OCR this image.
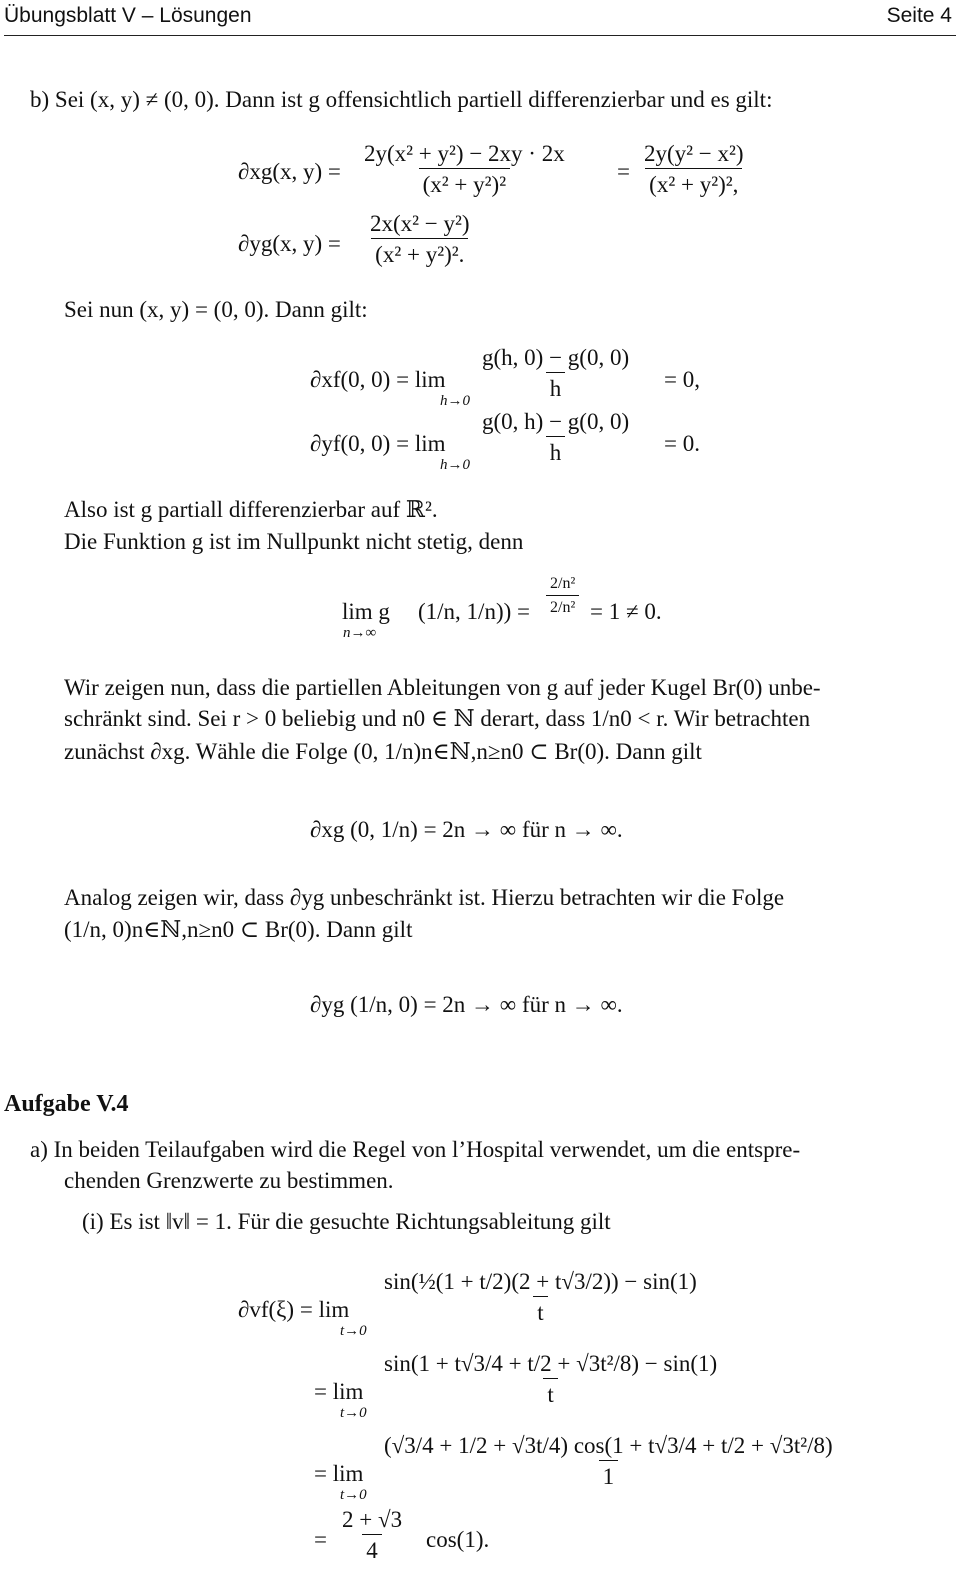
Übungsblatt V – Lösungen	Seite 4
b) Sei (x, y) ≠ (0, 0). Dann ist g offensichtlich partiell differenzierbar und es gilt:
∂xg(x, $y) = \frac{\text{2y(x² + y²) − 2xy · 2x}}{\text{(x² + y²)²}} = \frac{\text{2y(y² − x²)}}{\text{(x² + y²)²,}}$
∂yg(x, $y) = \frac{\text{2x(x² − y²)}}{\text{(x² + y²)².}}$
Sei nun (x, y) = (0, 0). Dann gilt:
∂xf(0, 0) = lim
h→0
$\frac{g(h, 0) - g(0, 0)}{h} = 0$,
∂yf(0, 0) = lim
h→0
$\frac{g(0, h) - g(0, 0)}{h} = 0$.
Also ist g partiall differenzierbar auf ℝ².
Die Funktion g ist im Nullpunkt nicht stetig, denn
lim g
n→∞
(1/n, $1/n)) = \frac{\text{2/n²}}{\text{2/n²}} = 1 \ne 0$.
Wir zeigen nun, dass die partiellen Ableitungen von g auf jeder Kugel Br(0) unbe-
schränkt sind. Sei r > 0 beliebig und n0 ∈ ℕ derart, dass 1/n0 < r. Wir betrachten
zunächst ∂xg. Wähle die Folge (0, 1/n)n∈ℕ,n≥n0 ⊂ Br(0). Dann gilt
∂xg (0, 1/n) = 2n → ∞ für n → ∞.
Analog zeigen wir, dass ∂yg unbeschränkt ist. Hierzu betrachten wir die Folge
(1/n, 0)n∈ℕ,n≥n0 ⊂ Br(0). Dann gilt
∂yg (1/n, 0) = 2n → ∞ für n → ∞.
Aufgabe V.4
a) In beiden Teilaufgaben wird die Regel von l’Hospital verwendet, um die entspre-
chenden Grenzwerte zu bestimmen.
(i) Es ist ‖v‖ = 1. Für die gesuchte Richtungsableitung gilt
∂vf(ξ) = lim
t→0
$\frac{\text{sin(½(1 + t/2)(2 + t√3/2)) − sin(1)}}{t}$
= lim
t→0
$\frac{\text{sin(1 + t√3/4 + t/2 + √3t²/8) − sin(1)}}{t}$
= lim
t→0
$\frac{\text{(√3/4 + 1/2 + √3t/4) cos(1 + t√3/4 + t/2 + √3t²/8)}}{1}$
= $\frac{2 + √3}{4} \cos(1)$.
